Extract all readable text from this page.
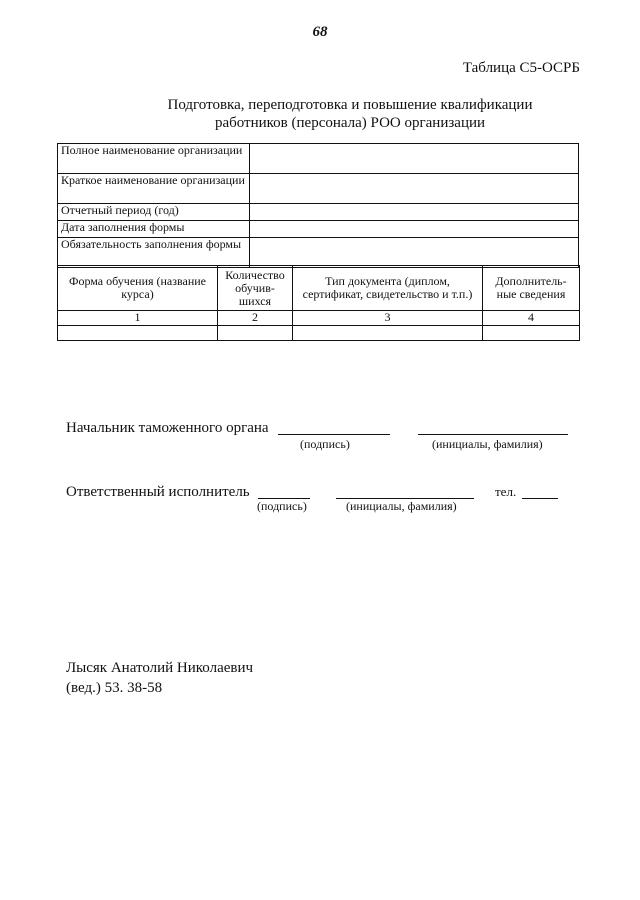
68
Таблица С5-ОСРБ
Подготовка, переподготовка и повышение квалификации
работников (персонала) РОО организации
Полное наименование организации	
Краткое наименование организации	
Отчетный период (год)	
Дата заполнения формы	
Обязательность заполнения формы	
Форма обучения (название курса)	Количество обучив-шихся	Тип документа (диплом, сертификат, свидетельство и т.п.)	Дополнитель-ные сведения
1	2	3	4

Начальник таможенного органа
(подпись)	(инициалы, фамилия)
Ответственный исполнитель	тел.
(подпись)	(инициалы, фамилия)
Лысяк Анатолий Николаевич
(вед.) 53. 38-58
